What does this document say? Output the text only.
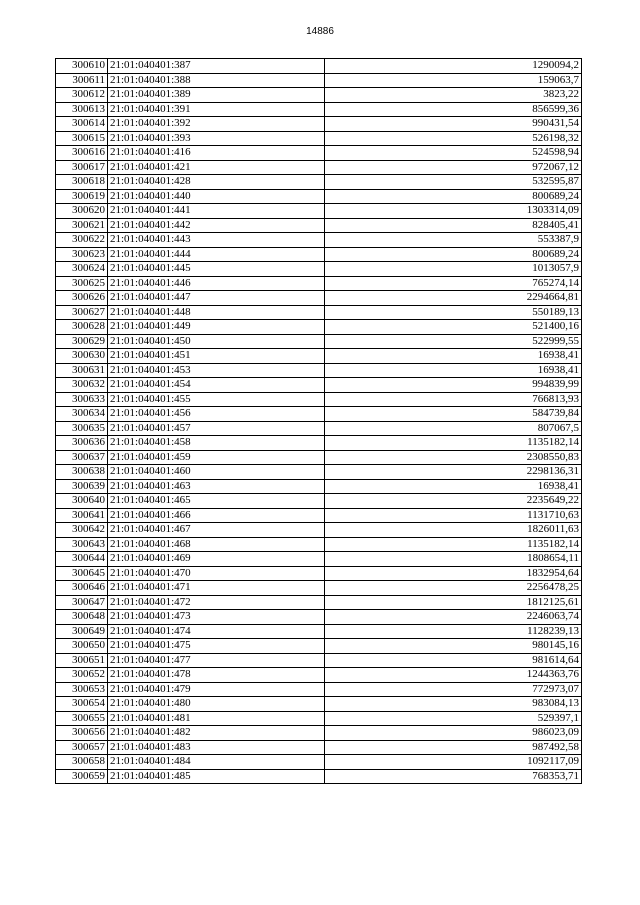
14886
300610	21:01:040401:387	1290094,2
300611	21:01:040401:388	159063,7
300612	21:01:040401:389	3823,22
300613	21:01:040401:391	856599,36
300614	21:01:040401:392	990431,54
300615	21:01:040401:393	526198,32
300616	21:01:040401:416	524598,94
300617	21:01:040401:421	972067,12
300618	21:01:040401:428	532595,87
300619	21:01:040401:440	800689,24
300620	21:01:040401:441	1303314,09
300621	21:01:040401:442	828405,41
300622	21:01:040401:443	553387,9
300623	21:01:040401:444	800689,24
300624	21:01:040401:445	1013057,9
300625	21:01:040401:446	765274,14
300626	21:01:040401:447	2294664,81
300627	21:01:040401:448	550189,13
300628	21:01:040401:449	521400,16
300629	21:01:040401:450	522999,55
300630	21:01:040401:451	16938,41
300631	21:01:040401:453	16938,41
300632	21:01:040401:454	994839,99
300633	21:01:040401:455	766813,93
300634	21:01:040401:456	584739,84
300635	21:01:040401:457	807067,5
300636	21:01:040401:458	1135182,14
300637	21:01:040401:459	2308550,83
300638	21:01:040401:460	2298136,31
300639	21:01:040401:463	16938,41
300640	21:01:040401:465	2235649,22
300641	21:01:040401:466	1131710,63
300642	21:01:040401:467	1826011,63
300643	21:01:040401:468	1135182,14
300644	21:01:040401:469	1808654,11
300645	21:01:040401:470	1832954,64
300646	21:01:040401:471	2256478,25
300647	21:01:040401:472	1812125,61
300648	21:01:040401:473	2246063,74
300649	21:01:040401:474	1128239,13
300650	21:01:040401:475	980145,16
300651	21:01:040401:477	981614,64
300652	21:01:040401:478	1244363,76
300653	21:01:040401:479	772973,07
300654	21:01:040401:480	983084,13
300655	21:01:040401:481	529397,1
300656	21:01:040401:482	986023,09
300657	21:01:040401:483	987492,58
300658	21:01:040401:484	1092117,09
300659	21:01:040401:485	768353,71
